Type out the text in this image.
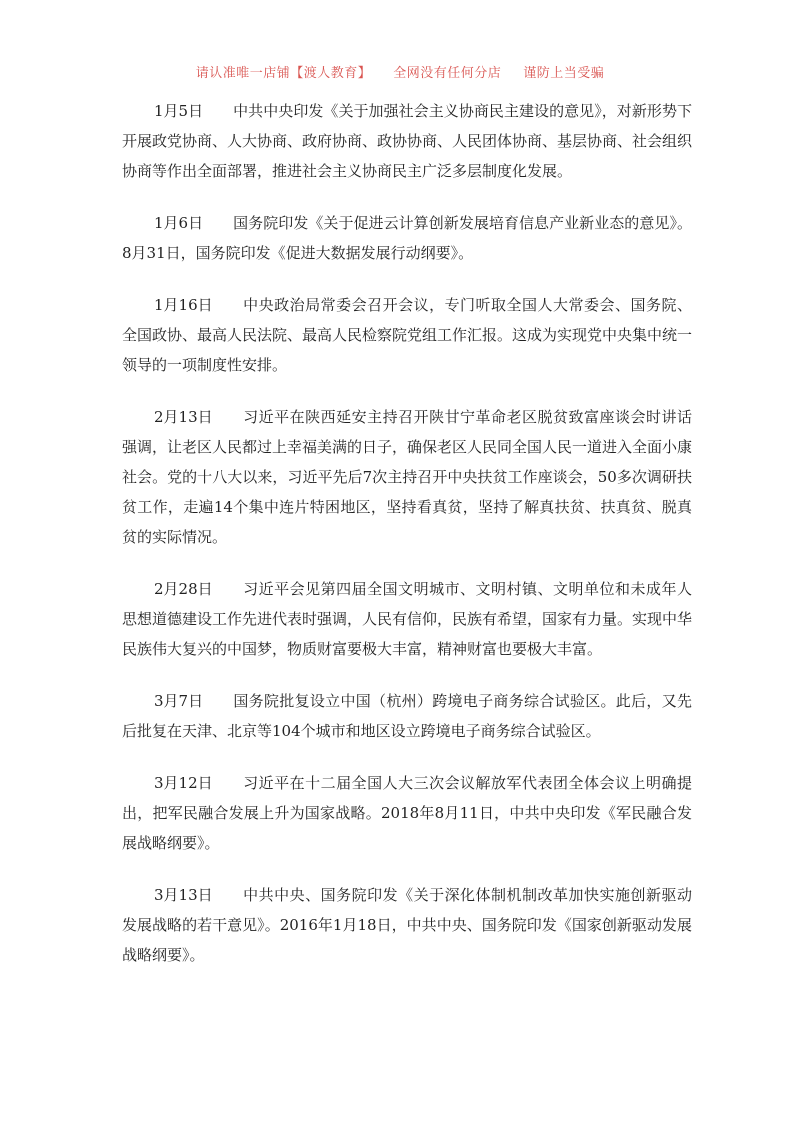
请认准唯一店铺【渡人教育】 全网没有任何分店 谨防上当受骗

1月5日 中共中央印发《关于加强社会主义协商民主建设的意见》，对新形势下开展政党协商、人大协商、政府协商、政协协商、人民团体协商、基层协商、社会组织协商等作出全面部署，推进社会主义协商民主广泛多层制度化发展。

1月6日 国务院印发《关于促进云计算创新发展培育信息产业新业态的意见》。8月31日，国务院印发《促进大数据发展行动纲要》。

1月16日 中央政治局常委会召开会议，专门听取全国人大常委会、国务院、全国政协、最高人民法院、最高人民检察院党组工作汇报。这成为实现党中央集中统一领导的一项制度性安排。

2月13日 习近平在陕西延安主持召开陕甘宁革命老区脱贫致富座谈会时讲话强调，让老区人民都过上幸福美满的日子，确保老区人民同全国人民一道进入全面小康社会。党的十八大以来，习近平先后7次主持召开中央扶贫工作座谈会，50多次调研扶贫工作，走遍14个集中连片特困地区，坚持看真贫，坚持了解真扶贫、扶真贫、脱真贫的实际情况。

2月28日 习近平会见第四届全国文明城市、文明村镇、文明单位和未成年人思想道德建设工作先进代表时强调，人民有信仰，民族有希望，国家有力量。实现中华民族伟大复兴的中国梦，物质财富要极大丰富，精神财富也要极大丰富。

3月7日 国务院批复设立中国（杭州）跨境电子商务综合试验区。此后，又先后批复在天津、北京等104个城市和地区设立跨境电子商务综合试验区。

3月12日 习近平在十二届全国人大三次会议解放军代表团全体会议上明确提出，把军民融合发展上升为国家战略。2018年8月11日，中共中央印发《军民融合发展战略纲要》。

3月13日 中共中央、国务院印发《关于深化体制机制改革加快实施创新驱动发展战略的若干意见》。2016年1月18日，中共中央、国务院印发《国家创新驱动发展战略纲要》。
